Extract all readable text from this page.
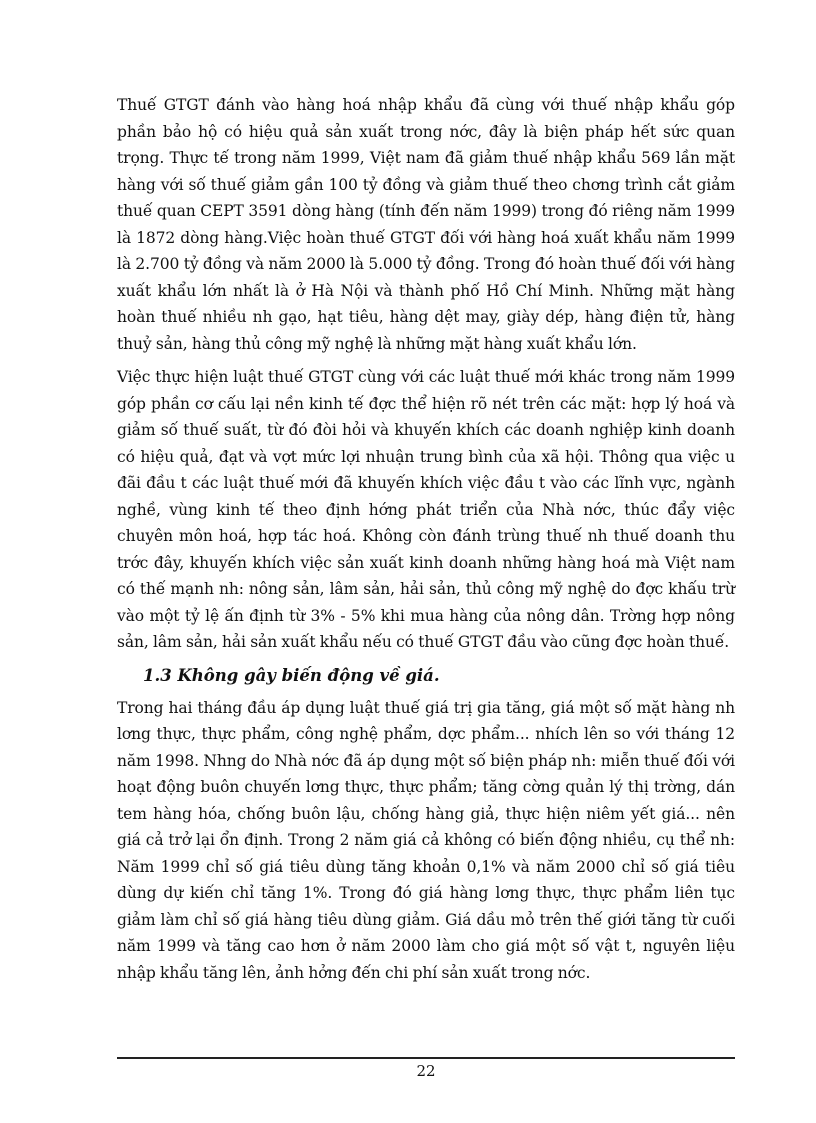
Thuế GTGT đánh vào hàng hoá nhập khẩu đã cùng với thuế nhập khẩu góp phần bảo hộ có hiệu quả sản xuất trong nớc, đây là biện pháp hết sức quan trọng. Thực tế trong năm 1999, Việt nam đã giảm thuế nhập khẩu 569 lần mặt hàng với số thuế giảm gần 100 tỷ đồng và giảm thuế theo chơng trình cắt giảm thuế quan CEPT 3591 dòng hàng (tính đến năm 1999) trong đó riêng năm 1999 là 1872 dòng hàng.Việc hoàn thuế GTGT đối với hàng hoá xuất khẩu năm 1999 là 2.700 tỷ đồng và năm 2000 là 5.000 tỷ đồng. Trong đó hoàn thuế đối với hàng xuất khẩu lớn nhất là ở Hà Nội và thành phố Hồ Chí Minh. Những mặt hàng hoàn thuế nhiều nh gạo, hạt tiêu, hàng dệt may, giày dép, hàng điện tử, hàng thuỷ sản, hàng thủ công mỹ nghệ là những mặt hàng xuất khẩu lớn.

Việc thực hiện luật thuế GTGT cùng với các luật thuế mới khác trong năm 1999 góp phần cơ cấu lại nền kinh tế đợc thể hiện rõ nét trên các mặt: hợp lý hoá và giảm số thuế suất, từ đó đòi hỏi và khuyến khích các doanh nghiệp kinh doanh có hiệu quả, đạt và vợt mức lợi nhuận trung bình của xã hội. Thông qua việc u đãi đầu t các luật thuế mới đã khuyến khích việc đầu t vào các lĩnh vực, ngành nghề, vùng kinh tế theo định hớng phát triển của Nhà nớc, thúc đẩy việc chuyên môn hoá, hợp tác hoá. Không còn đánh trùng thuế nh thuế doanh thu trớc đây, khuyến khích việc sản xuất kinh doanh những hàng hoá mà Việt nam có thế mạnh nh: nông sản, lâm sản, hải sản, thủ công mỹ nghệ do đợc khấu trừ vào một tỷ lệ ấn định từ 3% - 5% khi mua hàng của nông dân. Trờng hợp nông sản, lâm sản, hải sản xuất khẩu nếu có thuế GTGT đầu vào cũng đợc hoàn thuế.

1.3 Không gây biến động về giá.

Trong hai tháng đầu áp dụng luật thuế giá trị gia tăng, giá một số mặt hàng nh lơng thực, thực phẩm, công nghệ phẩm, dợc phẩm... nhích lên so với tháng 12 năm 1998. Nhng do Nhà nớc đã áp dụng một số biện pháp nh: miễn thuế đối với hoạt động buôn chuyến lơng thực, thực phẩm; tăng cờng quản lý thị trờng, dán tem hàng hóa, chống buôn lậu, chống hàng giả, thực hiện niêm yết giá... nên giá cả trở lại ổn định. Trong 2 năm giá cả không có biến động nhiều, cụ thể nh: Năm 1999 chỉ số giá tiêu dùng tăng khoản 0,1% và năm 2000 chỉ số giá tiêu dùng dự kiến chỉ tăng 1%. Trong đó giá hàng lơng thực, thực phẩm liên tục giảm làm chỉ số giá hàng tiêu dùng giảm. Giá dầu mỏ trên thế giới tăng từ cuối năm 1999 và tăng cao hơn ở năm 2000 làm cho giá một số vật t, nguyên liệu nhập khẩu tăng lên, ảnh hởng đến chi phí sản xuất trong nớc.

22
